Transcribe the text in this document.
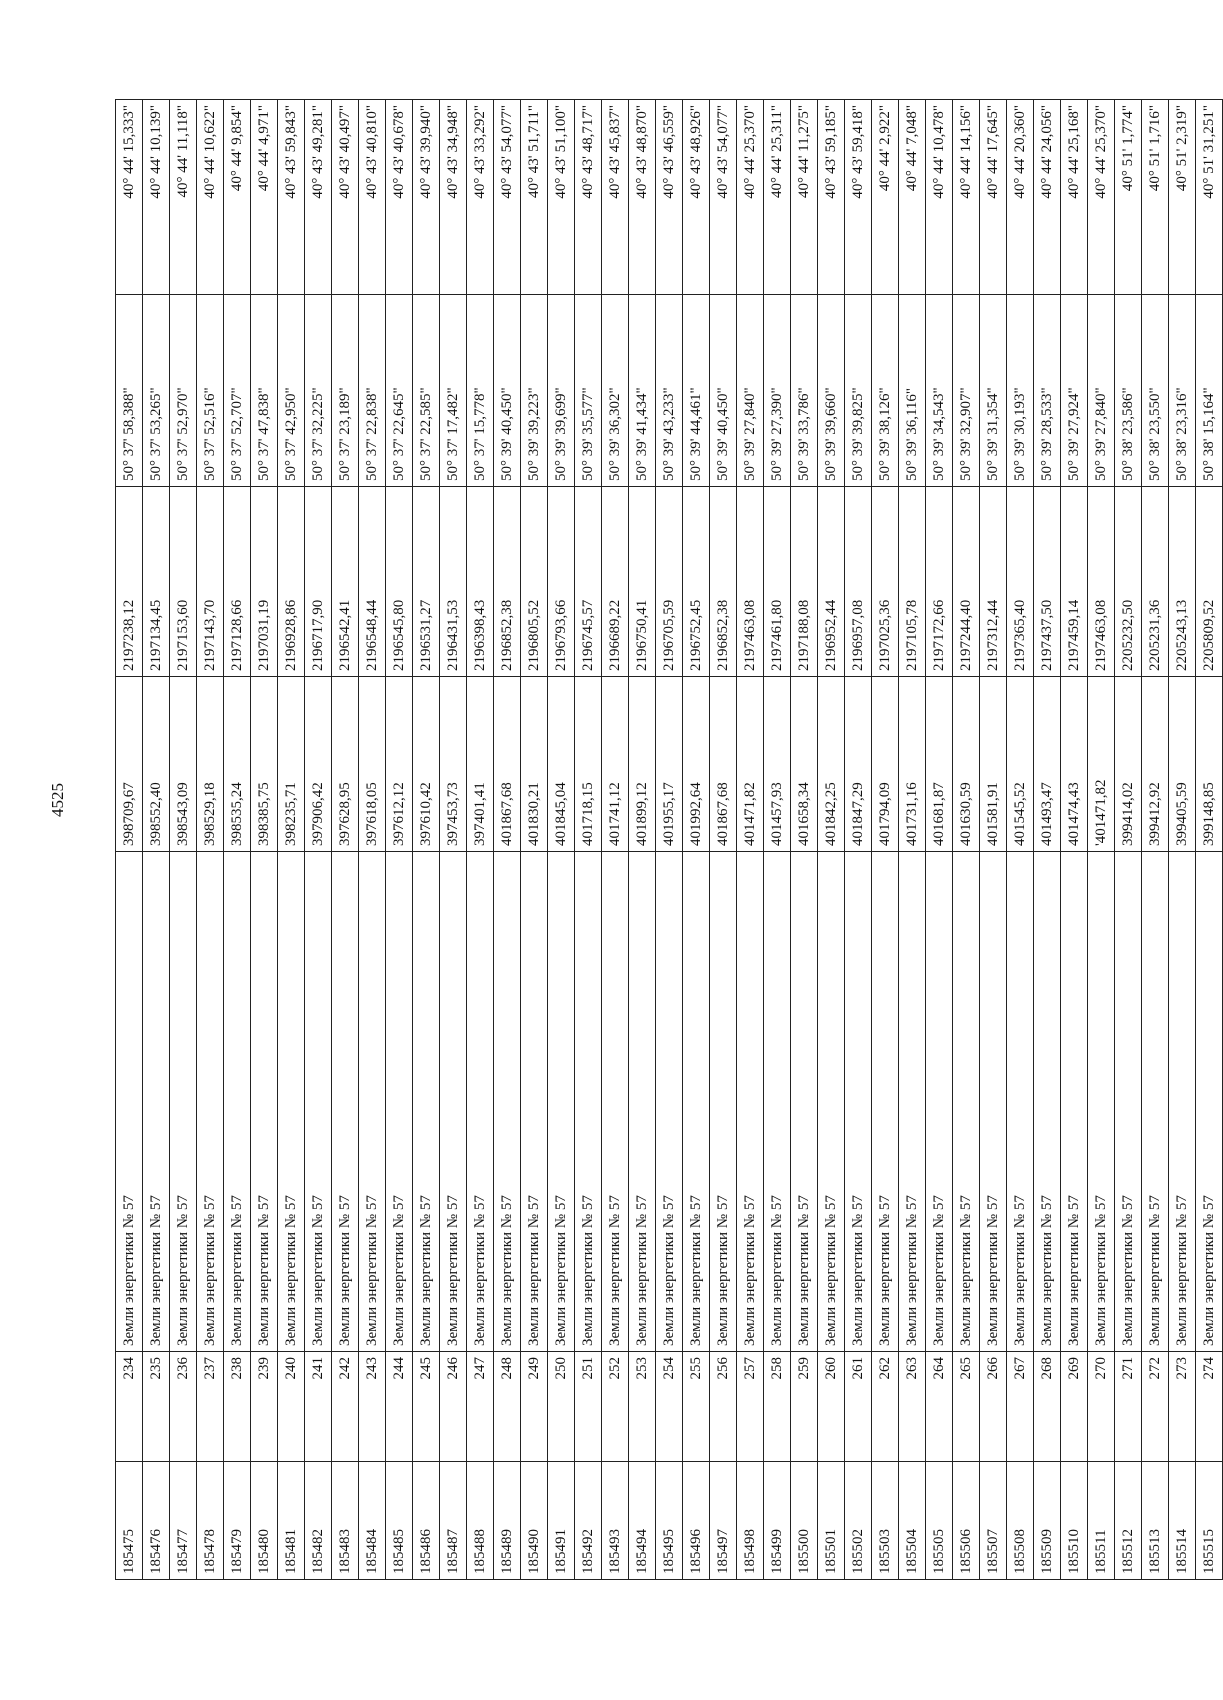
4525
185475	234	Земли энергетики № 57	398709,67	2197238,12	50° 37' 58,388"	40° 44' 15,333"
185476	235	Земли энергетики № 57	398552,40	2197134,45	50° 37' 53,265"	40° 44' 10,139"
185477	236	Земли энергетики № 57	398543,09	2197153,60	50° 37' 52,970"	40° 44' 11,118"
185478	237	Земли энергетики № 57	398529,18	2197143,70	50° 37' 52,516"	40° 44' 10,622"
185479	238	Земли энергетики № 57	398535,24	2197128,66	50° 37' 52,707"	40° 44' 9,854"
185480	239	Земли энергетики № 57	398385,75	2197031,19	50° 37' 47,838"	40° 44' 4,971"
185481	240	Земли энергетики № 57	398235,71	2196928,86	50° 37' 42,950"	40° 43' 59,843"
185482	241	Земли энергетики № 57	397906,42	2196717,90	50° 37' 32,225"	40° 43' 49,281"
185483	242	Земли энергетики № 57	397628,95	2196542,41	50° 37' 23,189"	40° 43' 40,497"
185484	243	Земли энергетики № 57	397618,05	2196548,44	50° 37' 22,838"	40° 43' 40,810"
185485	244	Земли энергетики № 57	397612,12	2196545,80	50° 37' 22,645"	40° 43' 40,678"
185486	245	Земли энергетики № 57	397610,42	2196531,27	50° 37' 22,585"	40° 43' 39,940"
185487	246	Земли энергетики № 57	397453,73	2196431,53	50° 37' 17,482"	40° 43' 34,948"
185488	247	Земли энергетики № 57	397401,41	2196398,43	50° 37' 15,778"	40° 43' 33,292"
185489	248	Земли энергетики № 57	401867,68	2196852,38	50° 39' 40,450"	40° 43' 54,077"
185490	249	Земли энергетики № 57	401830,21	2196805,52	50° 39' 39,223"	40° 43' 51,711"
185491	250	Земли энергетики № 57	401845,04	2196793,66	50° 39' 39,699"	40° 43' 51,100"
185492	251	Земли энергетики № 57	401718,15	2196745,57	50° 39' 35,577"	40° 43' 48,717"
185493	252	Земли энергетики № 57	401741,12	2196689,22	50° 39' 36,302"	40° 43' 45,837"
185494	253	Земли энергетики № 57	401899,12	2196750,41	50° 39' 41,434"	40° 43' 48,870"
185495	254	Земли энергетики № 57	401955,17	2196705,59	50° 39' 43,233"	40° 43' 46,559"
185496	255	Земли энергетики № 57	401992,64	2196752,45	50° 39' 44,461"	40° 43' 48,926"
185497	256	Земли энергетики № 57	401867,68	2196852,38	50° 39' 40,450"	40° 43' 54,077"
185498	257	Земли энергетики № 57	401471,82	2197463,08	50° 39' 27,840"	40° 44' 25,370"
185499	258	Земли энергетики № 57	401457,93	2197461,80	50° 39' 27,390"	40° 44' 25,311"
185500	259	Земли энергетики № 57	401658,34	2197188,08	50° 39' 33,786"	40° 44' 11,275"
185501	260	Земли энергетики № 57	401842,25	2196952,44	50° 39' 39,660"	40° 43' 59,185"
185502	261	Земли энергетики № 57	401847,29	2196957,08	50° 39' 39,825"	40° 43' 59,418"
185503	262	Земли энергетики № 57	401794,09	2197025,36	50° 39' 38,126"	40° 44' 2,922"
185504	263	Земли энергетики № 57	401731,16	2197105,78	50° 39' 36,116"	40° 44' 7,048"
185505	264	Земли энергетики № 57	401681,87	2197172,66	50° 39' 34,543"	40° 44' 10,478"
185506	265	Земли энергетики № 57	401630,59	2197244,40	50° 39' 32,907"	40° 44' 14,156"
185507	266	Земли энергетики № 57	401581,91	2197312,44	50° 39' 31,354"	40° 44' 17,645"
185508	267	Земли энергетики № 57	401545,52	2197365,40	50° 39' 30,193"	40° 44' 20,360"
185509	268	Земли энергетики № 57	401493,47	2197437,50	50° 39' 28,533"	40° 44' 24,056"
185510	269	Земли энергетики № 57	401474,43	2197459,14	50° 39' 27,924"	40° 44' 25,168"
185511	270	Земли энергетики № 57	'401471,82	2197463,08	50° 39' 27,840"	40° 44' 25,370"
185512	271	Земли энергетики № 57	399414,02	2205232,50	50° 38' 23,586"	40° 51' 1,774"
185513	272	Земли энергетики № 57	399412,92	2205231,36	50° 38' 23,550"	40° 51' 1,716"
185514	273	Земли энергетики № 57	399405,59	2205243,13	50° 38' 23,316"	40° 51' 2,319"
185515	274	Земли энергетики № 57	399148,85	2205809,52	50° 38' 15,164"	40° 51' 31,251"
